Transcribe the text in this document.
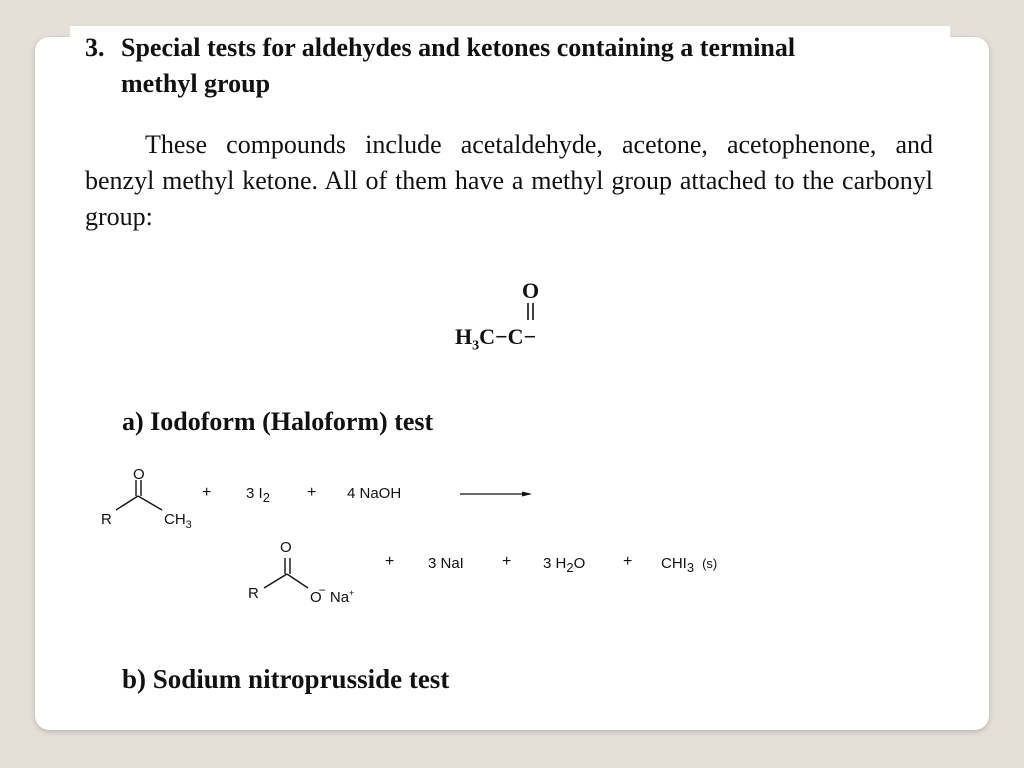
3. Special tests for aldehydes and ketones containing a terminal
methyl group

These compounds include acetaldehyde, acetone, acetophenone, and benzyl methyl ketone. All of them have a methyl group attached to the carbonyl group:

O
$H_3C-C-$
a) Iodoform (Haloform) test
O
R	$CH_3$
+ 3 $I_2 + 4$ NaOH
O
R	O− Na+
+ 3 NaI + 3 $H_2O + CHI_3$ (s)
b) Sodium nitroprusside test
